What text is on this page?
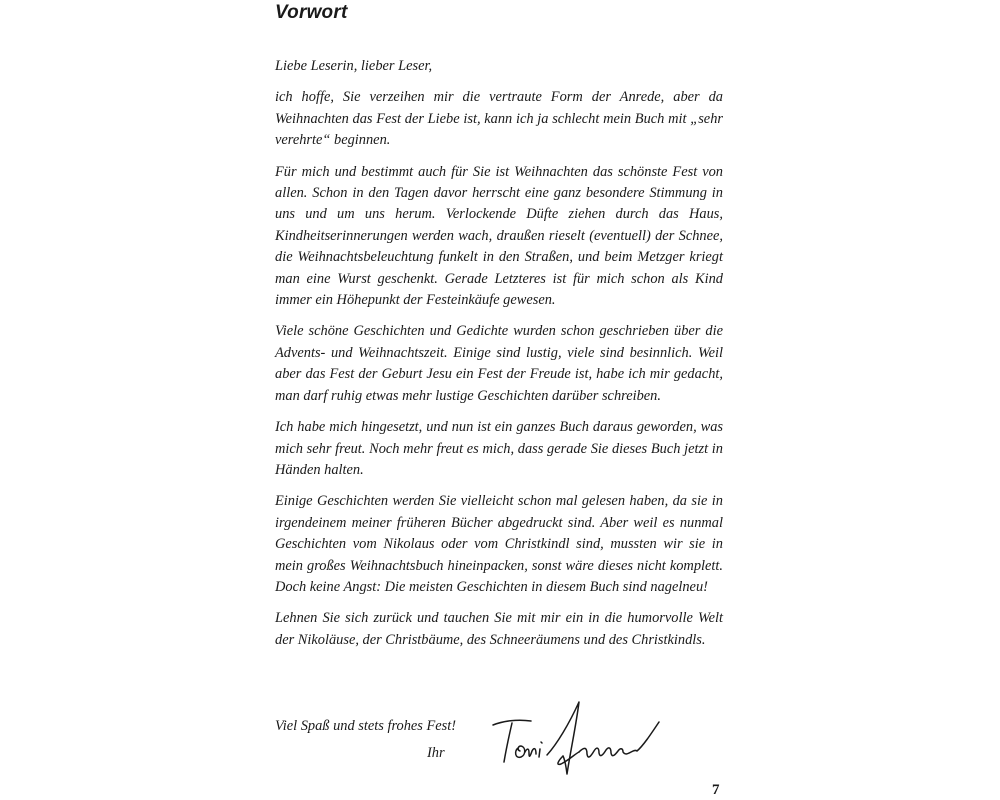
Vorwort

Liebe Leserin, lieber Leser,

ich hoffe, Sie verzeihen mir die vertraute Form der Anrede, aber da Weihnachten das Fest der Liebe ist, kann ich ja schlecht mein Buch mit „sehr verehrte“ beginnen.

Für mich und bestimmt auch für Sie ist Weihnachten das schönste Fest von allen. Schon in den Tagen davor herrscht eine ganz besondere Stimmung in uns und um uns herum. Verlockende Düfte ziehen durch das Haus, Kindheitserinnerungen werden wach, draußen rieselt (eventuell) der Schnee, die Weihnachtsbeleuchtung funkelt in den Straßen, und beim Metzger kriegt man eine Wurst geschenkt. Gerade Letzteres ist für mich schon als Kind immer ein Höhepunkt der Festeinkäufe gewesen.

Viele schöne Geschichten und Gedichte wurden schon geschrieben über die Advents- und Weihnachtszeit. Einige sind lustig, viele sind besinnlich. Weil aber das Fest der Geburt Jesu ein Fest der Freude ist, habe ich mir gedacht, man darf ruhig etwas mehr lustige Geschichten darüber schreiben.

Ich habe mich hingesetzt, und nun ist ein ganzes Buch daraus geworden, was mich sehr freut. Noch mehr freut es mich, dass gerade Sie dieses Buch jetzt in Händen halten.

Einige Geschichten werden Sie vielleicht schon mal gelesen haben, da sie in irgendeinem meiner früheren Bücher abgedruckt sind. Aber weil es nunmal Geschichten vom Nikolaus oder vom Christkindl sind, mussten wir sie in mein großes Weihnachtsbuch hineinpacken, sonst wäre dieses nicht komplett. Doch keine Angst: Die meisten Geschichten in diesem Buch sind nagelneu!

Lehnen Sie sich zurück und tauchen Sie mit mir ein in die humorvolle Welt der Nikoläuse, der Christbäume, des Schneeräumens und des Christkindls.

Viel Spaß und stets frohes Fest!
Ihr
7
